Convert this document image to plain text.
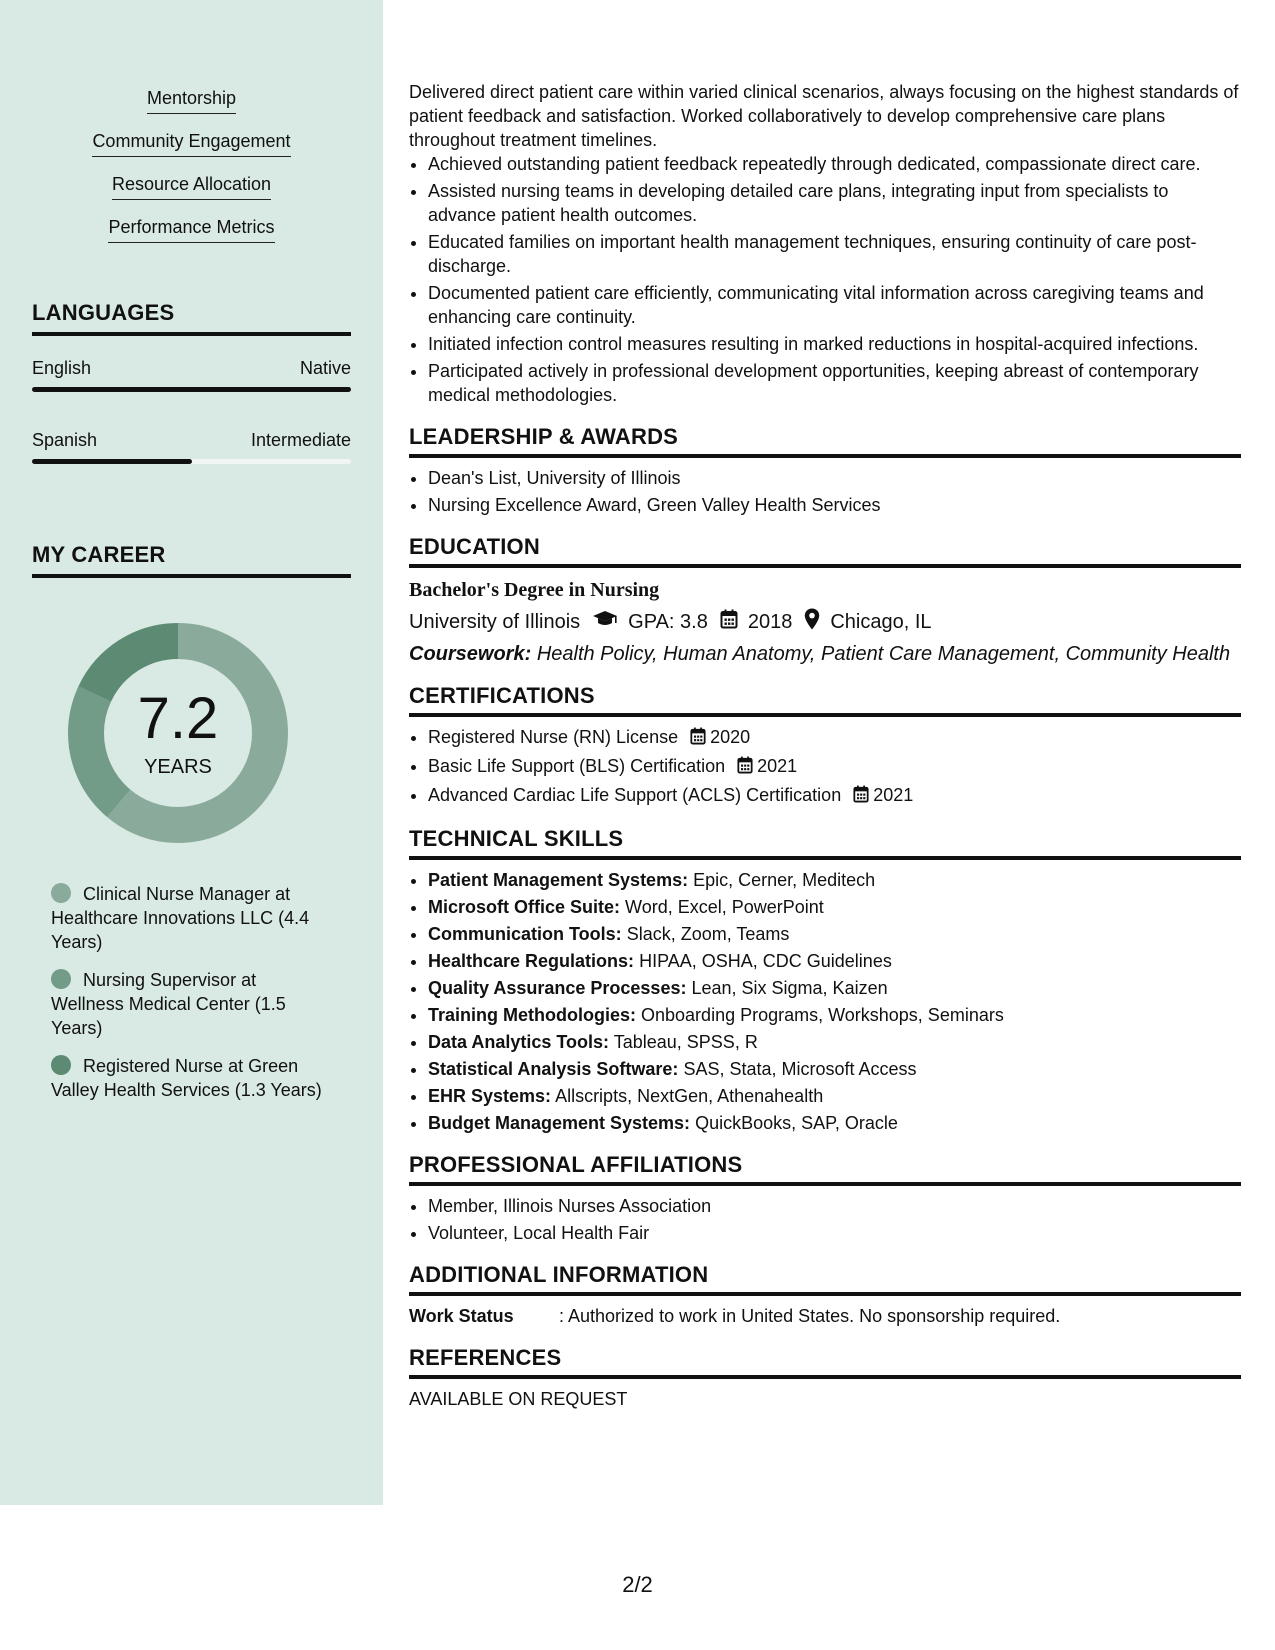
Mentorship
Community Engagement
Resource Allocation
Performance Metrics
LANGUAGES
English	Native
Spanish	Intermediate
MY CAREER
7.2
YEARS
Clinical Nurse Manager at Healthcare Innovations LLC (4.4 Years)
Nursing Supervisor at Wellness Medical Center (1.5 Years)
Registered Nurse at Green Valley Health Services (1.3 Years)

Delivered direct patient care within varied clinical scenarios, always focusing on the highest standards of patient feedback and satisfaction. Worked collaboratively to develop comprehensive care plans throughout treatment timelines.

• Achieved outstanding patient feedback repeatedly through dedicated, compassionate direct care.
• Assisted nursing teams in developing detailed care plans, integrating input from specialists to advance patient health outcomes.
• Educated families on important health management techniques, ensuring continuity of care post-discharge.
• Documented patient care efficiently, communicating vital information across caregiving teams and enhancing care continuity.
• Initiated infection control measures resulting in marked reductions in hospital-acquired infections.
• Participated actively in professional development opportunities, keeping abreast of contemporary medical methodologies.
LEADERSHIP & AWARDS
• Dean's List, University of Illinois
• Nursing Excellence Award, Green Valley Health Services
EDUCATION
Bachelor's Degree in Nursing
University of Illinois GPA: 3.8 2018 Chicago, IL
Coursework: Health Policy, Human Anatomy, Patient Care Management, Community Health
CERTIFICATIONS
• Registered Nurse (RN) License 2020
• Basic Life Support (BLS) Certification 2021
• Advanced Cardiac Life Support (ACLS) Certification 2021
TECHNICAL SKILLS
• Patient Management Systems: Epic, Cerner, Meditech
• Microsoft Office Suite: Word, Excel, PowerPoint
• Communication Tools: Slack, Zoom, Teams
• Healthcare Regulations: HIPAA, OSHA, CDC Guidelines
• Quality Assurance Processes: Lean, Six Sigma, Kaizen
• Training Methodologies: Onboarding Programs, Workshops, Seminars
• Data Analytics Tools: Tableau, SPSS, R
• Statistical Analysis Software: SAS, Stata, Microsoft Access
• EHR Systems: Allscripts, NextGen, Athenahealth
• Budget Management Systems: QuickBooks, SAP, Oracle
PROFESSIONAL AFFILIATIONS
• Member, Illinois Nurses Association
• Volunteer, Local Health Fair
ADDITIONAL INFORMATION
Work Status	: Authorized to work in United States. No sponsorship required.
REFERENCES
AVAILABLE ON REQUEST
2/2
